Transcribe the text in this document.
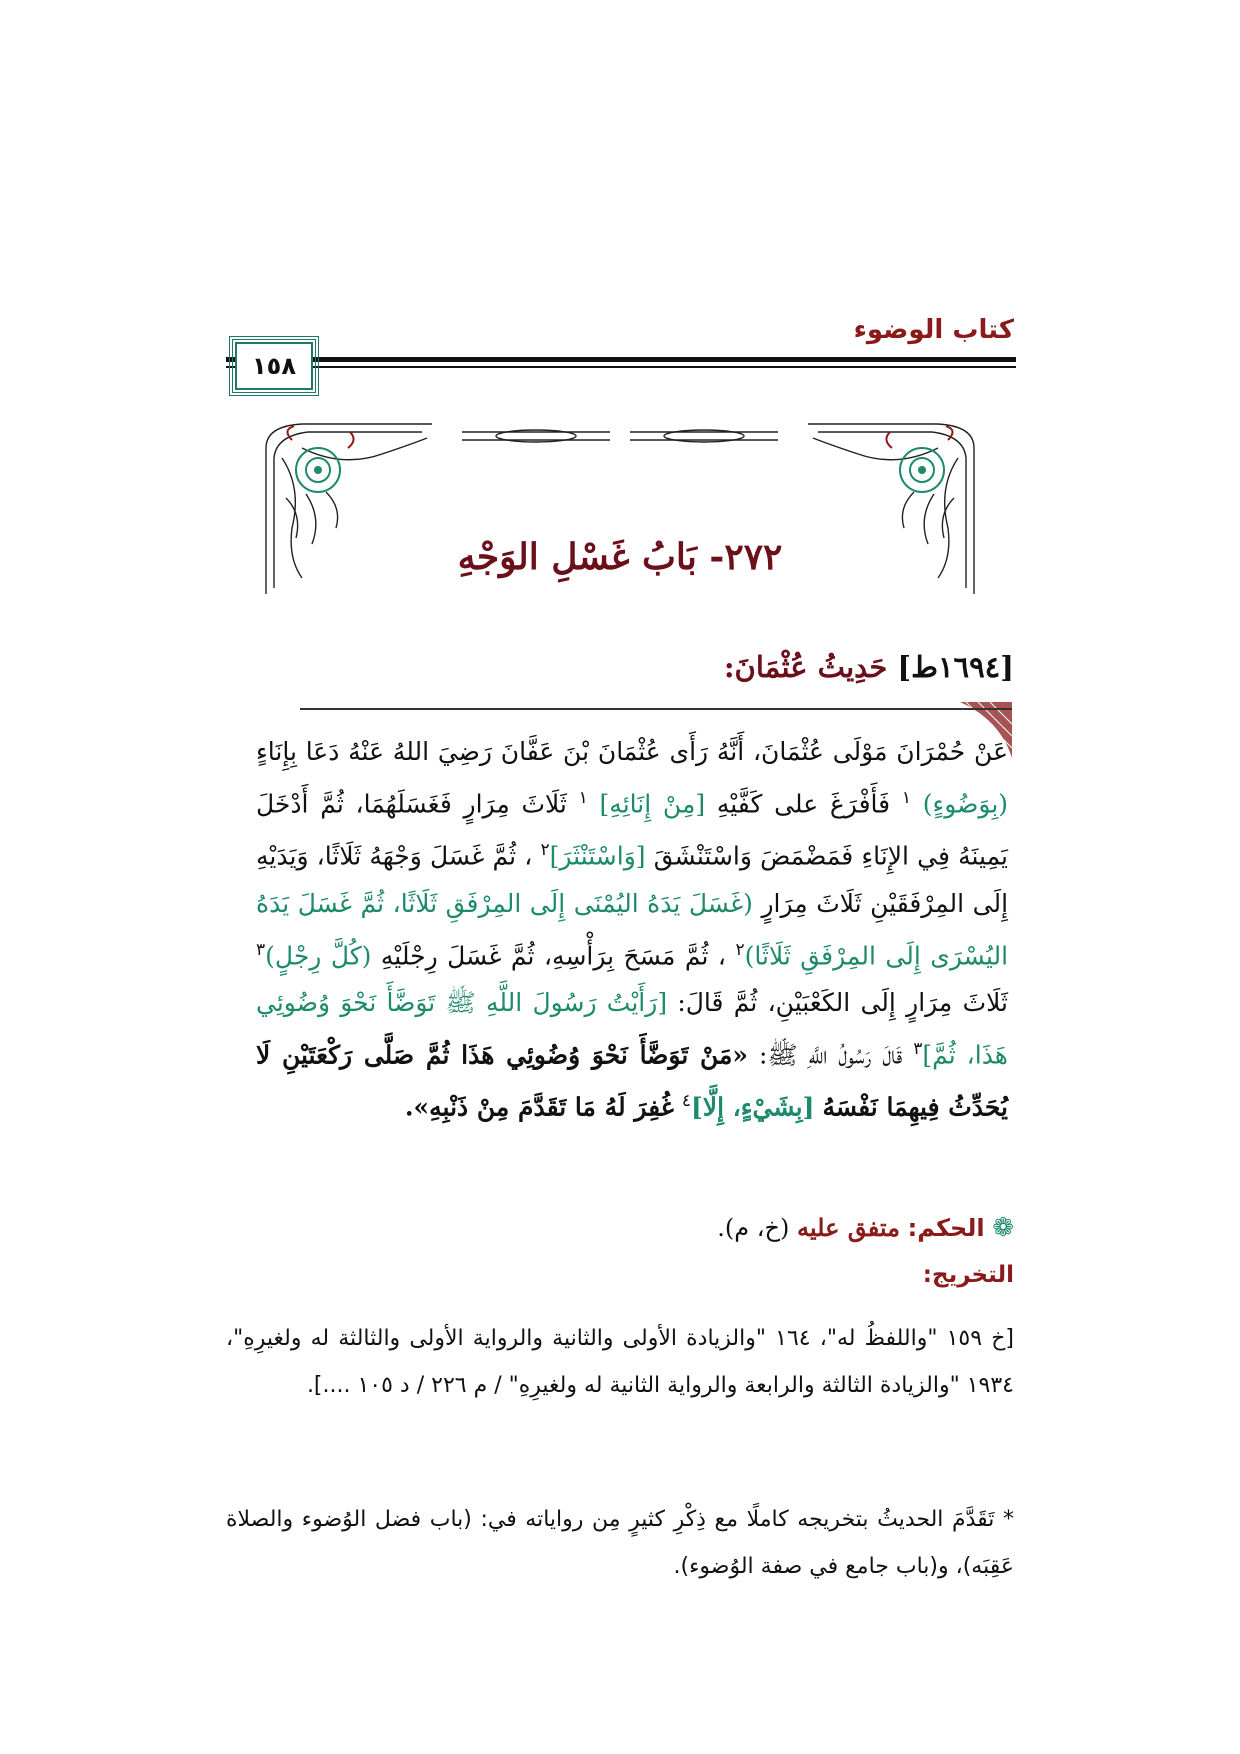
كتاب الوضوء
١٥٨
٢٧٢- بَابُ غَسْلِ الوَجْهِ
[١٦٩٤ط] حَدِيثُ عُثْمَانَ:
عَنْ حُمْرَانَ مَوْلَى عُثْمَانَ، أَنَّهُ رَأَى عُثْمَانَ بْنَ عَفَّانَ رَضِيَ اللهُ عَنْهُ دَعَا بِإِنَاءٍ (بِوَضُوءٍ) $^١$ فَأَفْرَغَ على كَفَّيْهِ [مِنْ إِنَائِهِ] $^١$ ثَلَاثَ مِرَارٍ فَغَسَلَهُمَا، ثُمَّ أَدْخَلَ يَمِينَهُ فِي الإِنَاءِ فَمَضْمَضَ وَاسْتَنْشَقَ [وَاسْتَنْثَرَ]$^٢$ ، ثُمَّ غَسَلَ وَجْهَهُ ثَلَاثًا، وَيَدَيْهِ إِلَى المِرْفَقَيْنِ ثَلَاثَ مِرَارٍ (غَسَلَ يَدَهُ اليُمْنَى إِلَى المِرْفَقِ ثَلَاثًا، ثُمَّ غَسَلَ يَدَهُ اليُسْرَى إِلَى المِرْفَقِ ثَلَاثًا)$^٢$ ، ثُمَّ مَسَحَ بِرَأْسِهِ، ثُمَّ غَسَلَ رِجْلَيْهِ (كُلَّ رِجْلٍ)$^٣$ ثَلَاثَ مِرَارٍ إِلَى الكَعْبَيْنِ، ثُمَّ قَالَ: [رَأَيْتُ رَسُولَ اللَّهِ ﷺ تَوَضَّأَ نَحْوَ وُضُوئِي هَذَا، ثُمَّ]$^٣$ قَالَ رَسُولُ اللَّهِ ﷺ: «مَنْ تَوَضَّأَ نَحْوَ وُضُوئِي هَذَا ثُمَّ صَلَّى رَكْعَتَيْنِ لَا يُحَدِّثُ فِيهِمَا نَفْسَهُ [بِشَيْءٍ، إِلَّا]$^٤$ غُفِرَ لَهُ مَا تَقَدَّمَ مِنْ ذَنْبِهِ».
❁ الحكم: متفق عليه (خ، م).
التخريج:
[خ ١٥٩ "واللفظُ له"، ١٦٤ "والزيادة الأولى والثانية والرواية الأولى والثالثة له ولغيرِهِ"، ١٩٣٤ "والزيادة الثالثة والرابعة والرواية الثانية له ولغيرِهِ" / م ٢٢٦ / د ١٠٥ ....].
* تَقَدَّمَ الحديثُ بتخريجه كاملًا مع ذِكْرِ كثيرٍ مِن رواياته في: (باب فضل الوُضوء والصلاة عَقِبَه)، و(باب جامع في صفة الوُضوء).
